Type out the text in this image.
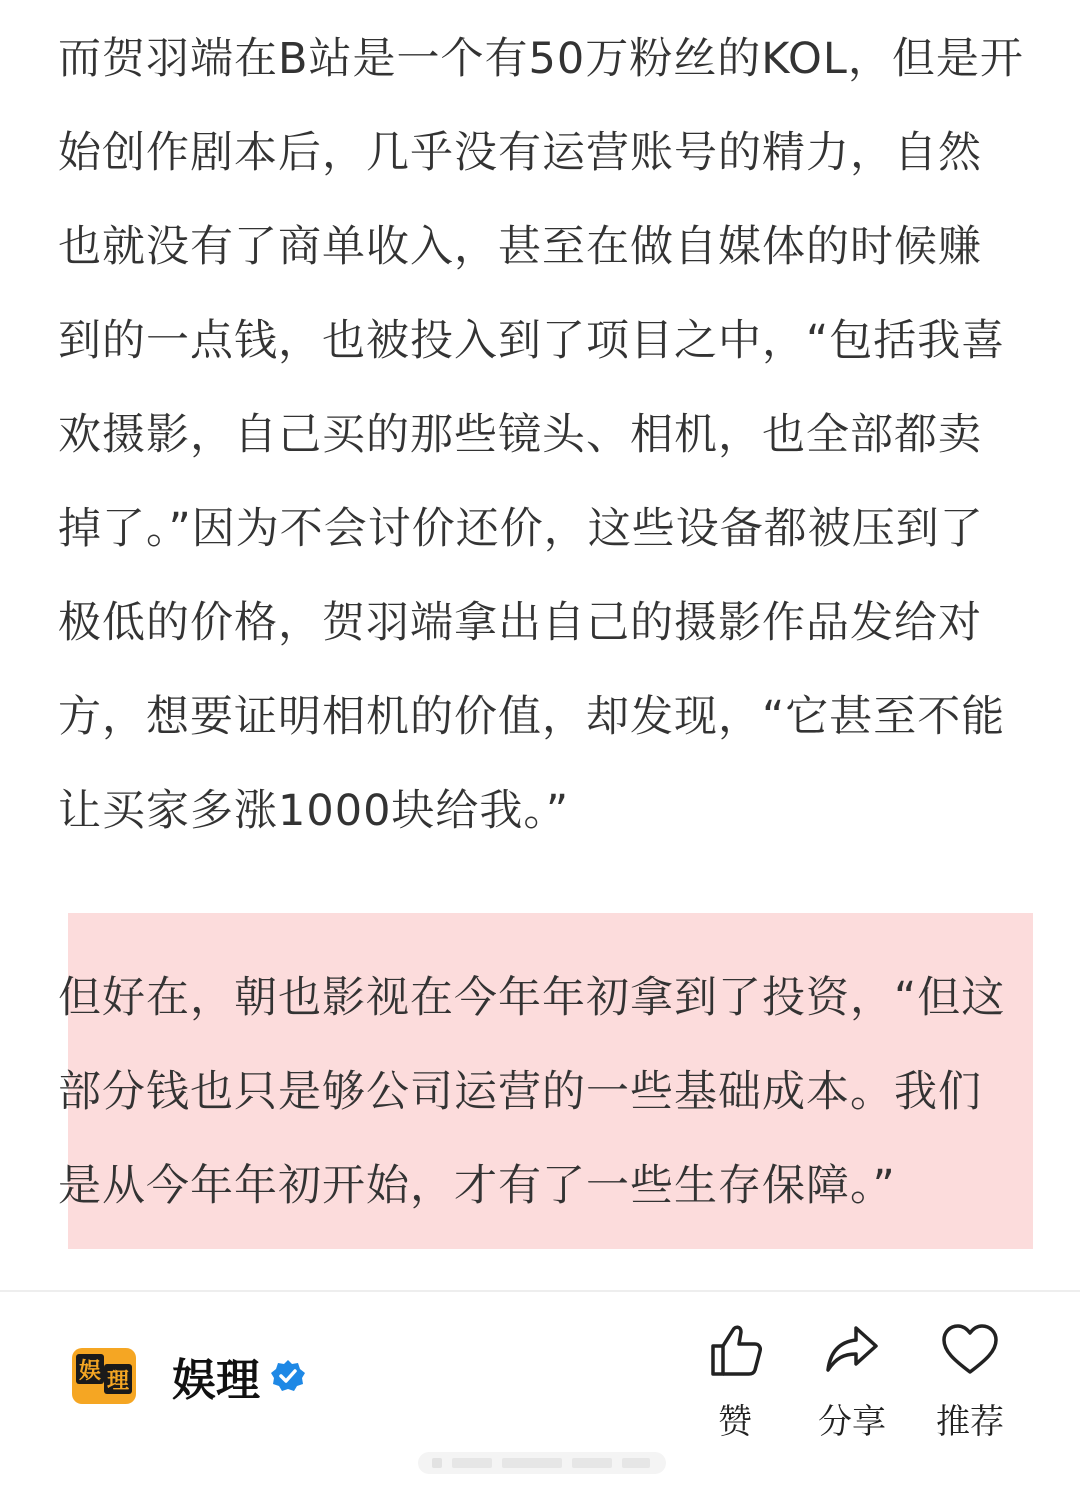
而贺羽端在B站是一个有50万粉丝的KOL，但是开始创作剧本后，几乎没有运营账号的精力，自然也就没有了商单收入，甚至在做自媒体的时候赚到的一点钱，也被投入到了项目之中，“包括我喜欢摄影，自己买的那些镜头、相机，也全部都卖掉了。”因为不会讨价还价，这些设备都被压到了极低的价格，贺羽端拿出自己的摄影作品发给对方，想要证明相机的价值，却发现，“它甚至不能让买家多涨1000块给我。”

但好在，朝也影视在今年年初拿到了投资，“但这部分钱也只是够公司运营的一些基础成本。我们是从今年年初开始，才有了一些生存保障。”

娱 理 娱理
赞	分享	推荐
